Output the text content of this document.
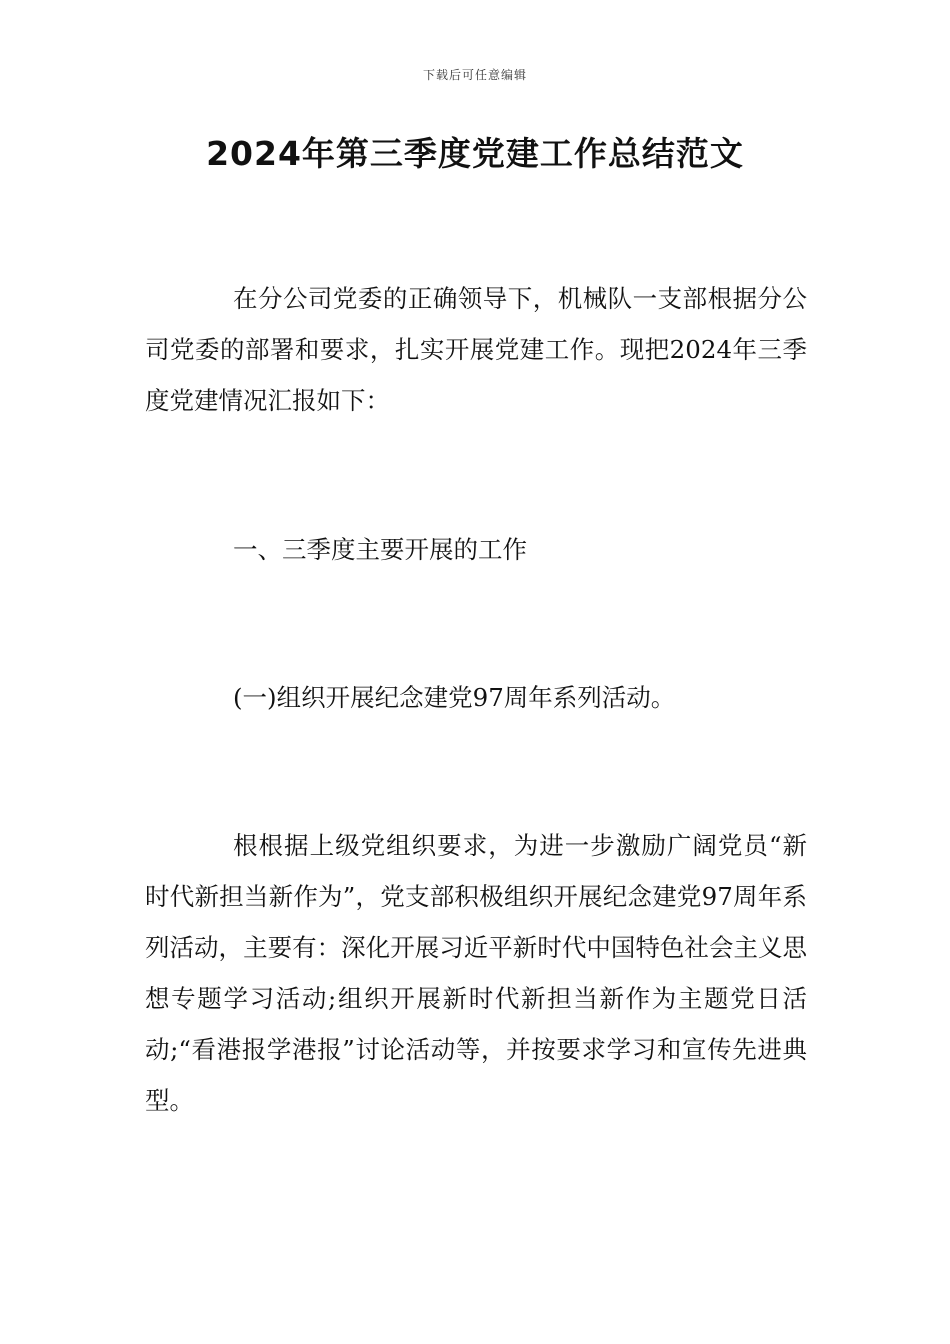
下载后可任意编辑
2024年第三季度党建工作总结范文

在分公司党委的正确领导下，机械队一支部根据分公司党委的部署和要求，扎实开展党建工作。现把2024年三季度党建情况汇报如下：

一、三季度主要开展的工作

(一)组织开展纪念建党97周年系列活动。

根根据上级党组织要求，为进一步激励广阔党员“新时代新担当新作为”，党支部积极组织开展纪念建党97周年系列活动，主要有：深化开展习近平新时代中国特色社会主义思想专题学习活动;组织开展新时代新担当新作为主题党日活动;“看港报学港报”讨论活动等，并按要求学习和宣传先进典型。
